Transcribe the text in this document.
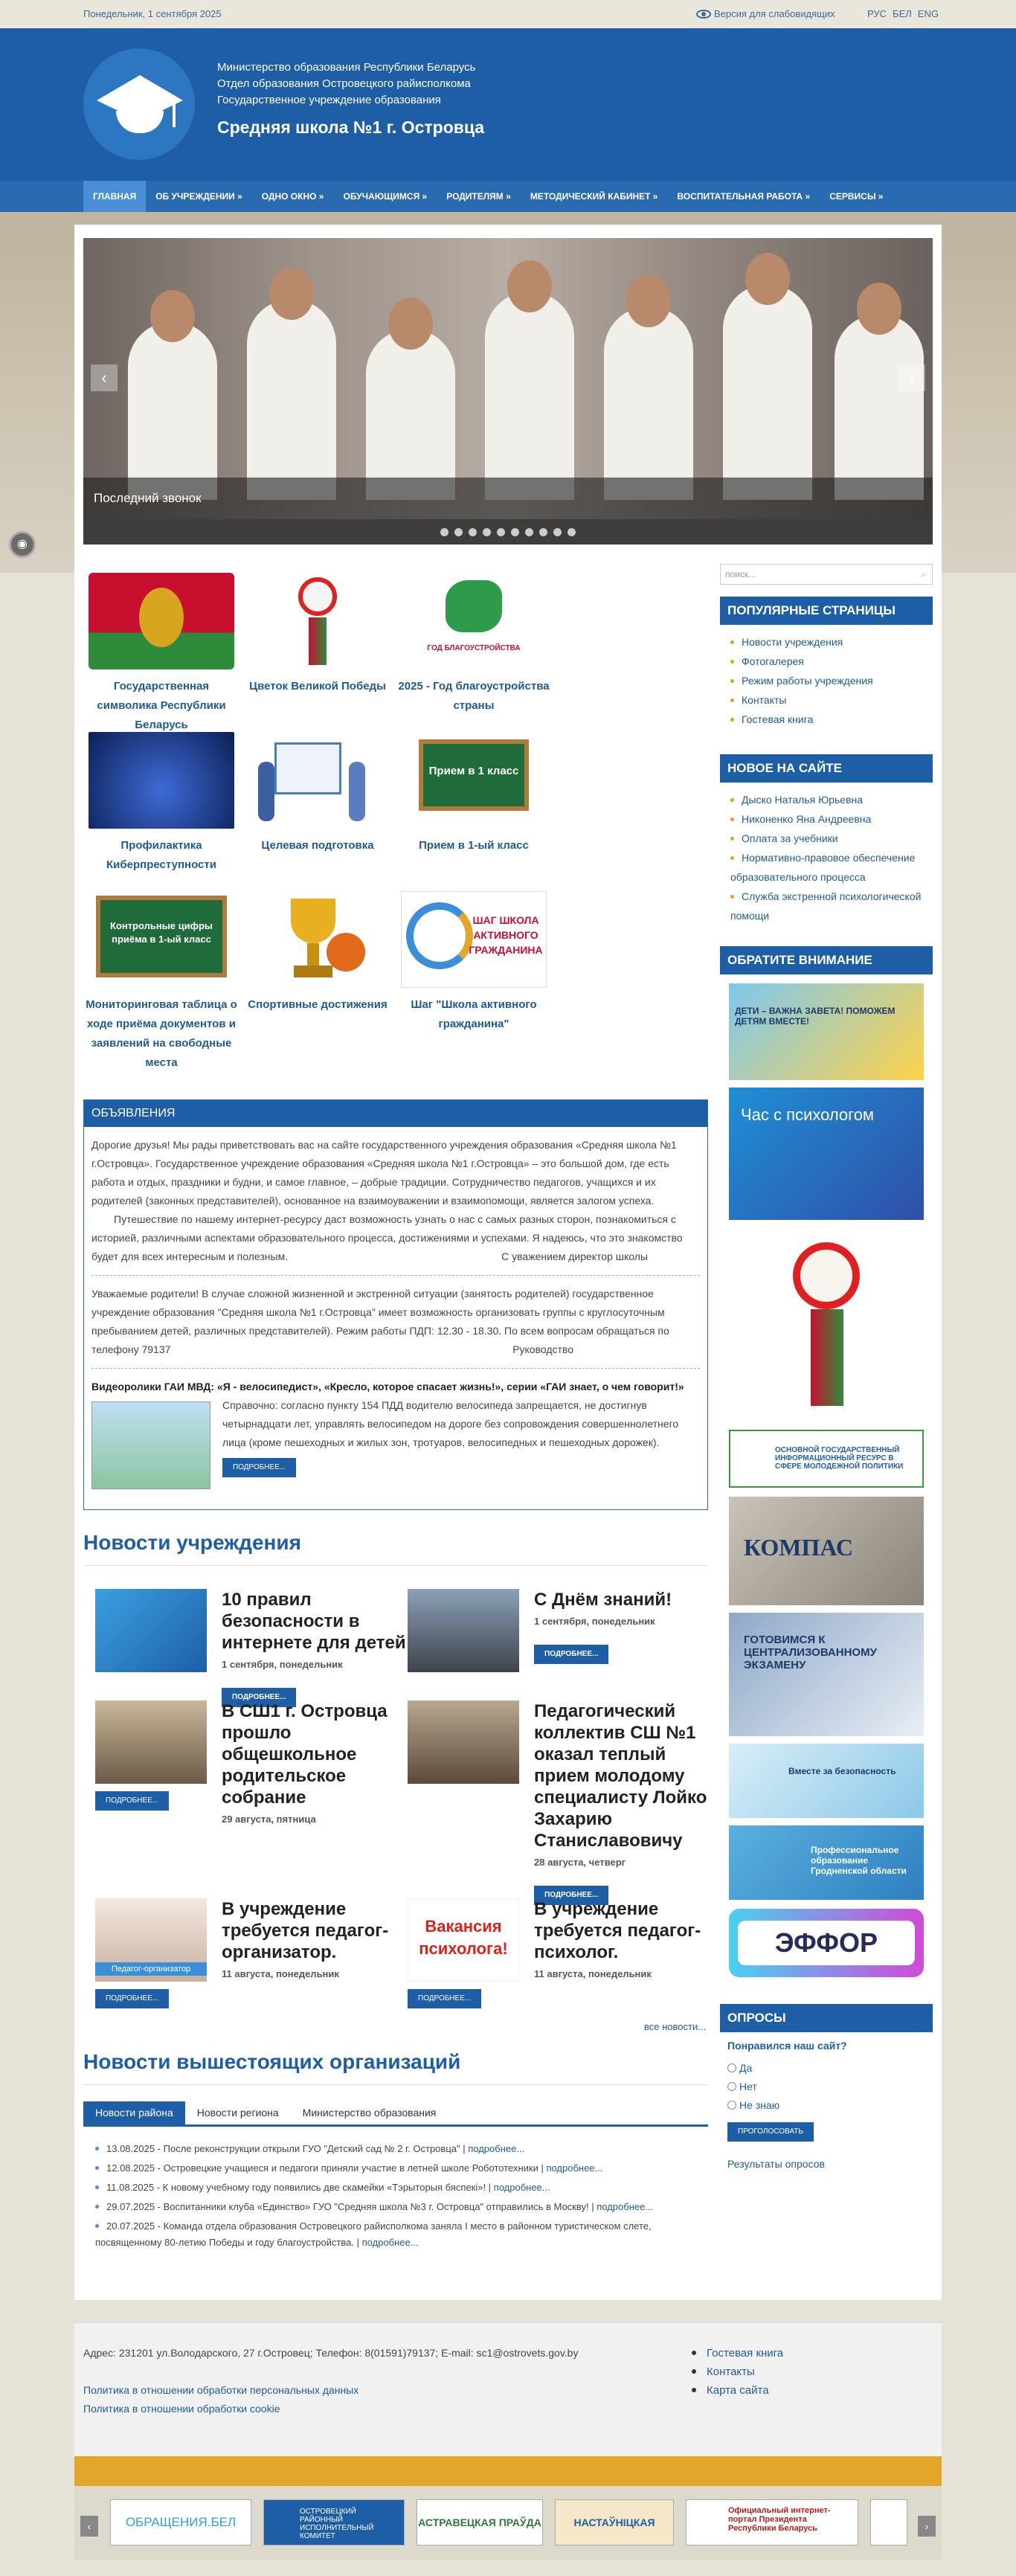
Понедельник, 1 сентября 2025	Версия для слабовидящих	РУС БЕЛ ENG
Министерство образования Республики Беларусь
Отдел образования Островецкого райисполкома
Государственное учреждение образования
Средняя школа №1 г. Островца
ГЛАВНАЯ	ОБ УЧРЕЖДЕНИИ »	ОДНО ОКНО »	ОБУЧАЮЩИМСЯ »	РОДИТЕЛЯМ »	МЕТОДИЧЕСКИЙ КАБИНЕТ »	ВОСПИТАТЕЛЬНАЯ РАБОТА »	СЕРВИСЫ »
◉
‹	›
Последний звонок
Государственная символика Республики Беларусь
Цветок Великой Победы
ГОД БЛАГОУСТРОЙСТВА
2025 - Год благоустройства страны
Профилактика Киберпреступности
Целевая подготовка
Прием в 1 класс
Прием в 1-ый класс
Контрольные цифры приёма в 1-ый класс
Мониторинговая таблица о ходе приёма документов и заявлений на свободные места
Спортивные достижения
ШАГ ШКОЛА АКТИВНОГО ГРАЖДАНИНА
Шаг "Школа активного гражданина"
ОБЪЯВЛЕНИЯ
Дорогие друзья! Мы рады приветствовать вас на сайте государственного учреждения образования «Средняя школа №1 г.Островца». Государственное учреждение образования «Средняя школа №1 г.Островца» – это большой дом, где есть работа и отдых, праздники и будни, и самое главное, – добрые традиции. Сотрудничество педагогов, учащихся и их родителей (законных представителей), основанное на взаимоуважении и взаимопомощи, является залогом успеха.
Путешествие по нашему интернет-ресурсу даст возможность узнать о нас с самых разных сторон, познакомиться с историей, различными аспектами образовательного процесса, достижениями и успехами. Я надеюсь, что это знакомство будет для всех интересным и полезным.	С уважением директор школы
Уважаемые родители! В случае сложной жизненной и экстренной ситуации (занятость родителей) государственное учреждение образования "Средняя школа №1 г.Островца" имеет возможность организовать группы с круглосуточным пребыванием детей, различных представителей). Режим работы ПДП: 12.30 - 18.30. По всем вопросам обращаться по телефону 79137	Руководство
Видеоролики ГАИ МВД: «Я - велосипедист», «Кресло, которое спасает жизнь!», серии «ГАИ знает, о чем говорит!»
Справочно: согласно пункту 154 ПДД водителю велосипеда запрещается, не достигнув четырнадцати лет, управлять велосипедом на дороге без сопровождения совершеннолетнего лица (кроме пешеходных и жилых зон, тротуаров, велосипедных и пешеходных дорожек).
ПОДРОБНЕЕ...
Новости учреждения
10 правил безопасности в интернете для детей
1 сентября, понедельник
ПОДРОБНЕЕ...
С Днём знаний!
1 сентября, понедельник
ПОДРОБНЕЕ...
В СШ1 г. Островца прошло общешкольное родительское собрание
29 августа, пятница
ПОДРОБНЕЕ...
Педагогический коллектив СШ №1 оказал теплый прием молодому специалисту Лойко Захарию Станиславовичу
28 августа, четверг
ПОДРОБНЕЕ...
Педагог-организатор
В учреждение требуется педагог-организатор.
11 августа, понедельник
ПОДРОБНЕЕ...
Вакансия психолога!
В учреждение требуется педагог-психолог.
11 августа, понедельник
ПОДРОБНЕЕ...
все новости...
Новости вышестоящих организаций
Новости района Новости региона Министерство образования
13.08.2025 - После реконструкции открыли ГУО "Детский сад № 2 г. Островца" | подробнее...
12.08.2025 - Островецкие учащиеся и педагоги приняли участие в летней школе Робототехники | подробнее...
11.08.2025 - К новому учебному году появились две скамейки «Тэрыторыя бяспекі»! | подробнее...
29.07.2025 - Воспитанники клуба «Единство» ГУО "Средняя школа №3 г. Островца" отправились в Москву! | подробнее...
20.07.2025 - Команда отдела образования Островецкого райисполкома заняла I место в районном туристическом слете, посвященному 80-летию Победы и году благоустройства. | подробнее...
поиск...	⌕
ПОПУЛЯРНЫЕ СТРАНИЦЫ
Новости учреждения
Фотогалерея
Режим работы учреждения
Контакты
Гостевая книга
НОВОЕ НА САЙТЕ
Дыско Наталья Юрьевна
Никоненко Яна Андреевна
Оплата за учебники
Нормативно-правовое обеспечение образовательного процесса
Служба экстренной психологической помощи
ОБРАТИТЕ ВНИМАНИЕ
ДЕТИ – ВАЖНА ЗАВЕТА! ПОМОЖЕМ ДЕТЯМ ВМЕСТЕ!
Час с психологом
ОСНОВНОЙ ГОСУДАРСТВЕННЫЙ ИНФОРМАЦИОННЫЙ РЕСУРС В СФЕРЕ МОЛОДЕЖНОЙ ПОЛИТИКИ
КОМПАС
ГОТОВИМСЯ К ЦЕНТРАЛИЗОВАННОМУ ЭКЗАМЕНУ
Вместе за безопасность
Профессиональное образование Гродненской области
ЭФФОР
ОПРОСЫ
Понравился наш сайт?
Да
Нет
Не знаю
ПРОГОЛОСОВАТЬ
Результаты опросов
Адрес: 231201 ул.Володарского, 27 г.Островец; Телефон: 8(01591)79137; E-mail: sc1@ostrovets.gov.by
Политика в отношении обработки персональных данных
Политика в отношении обработки cookie
Гостевая книга
Контакты
Карта сайта
‹	ОБРАЩЕНИЯ.БЕЛ
ОСТРОВЕЦКИЙ РАЙОННЫЙ ИСПОЛНИТЕЛЬНЫЙ КОМИТЕТ
АСТРАВЕЦКАЯ ПРАЎДА	НАСТАЎНІЦКАЯ
Официальный интернет-портал Президента Республики Беларусь	›
